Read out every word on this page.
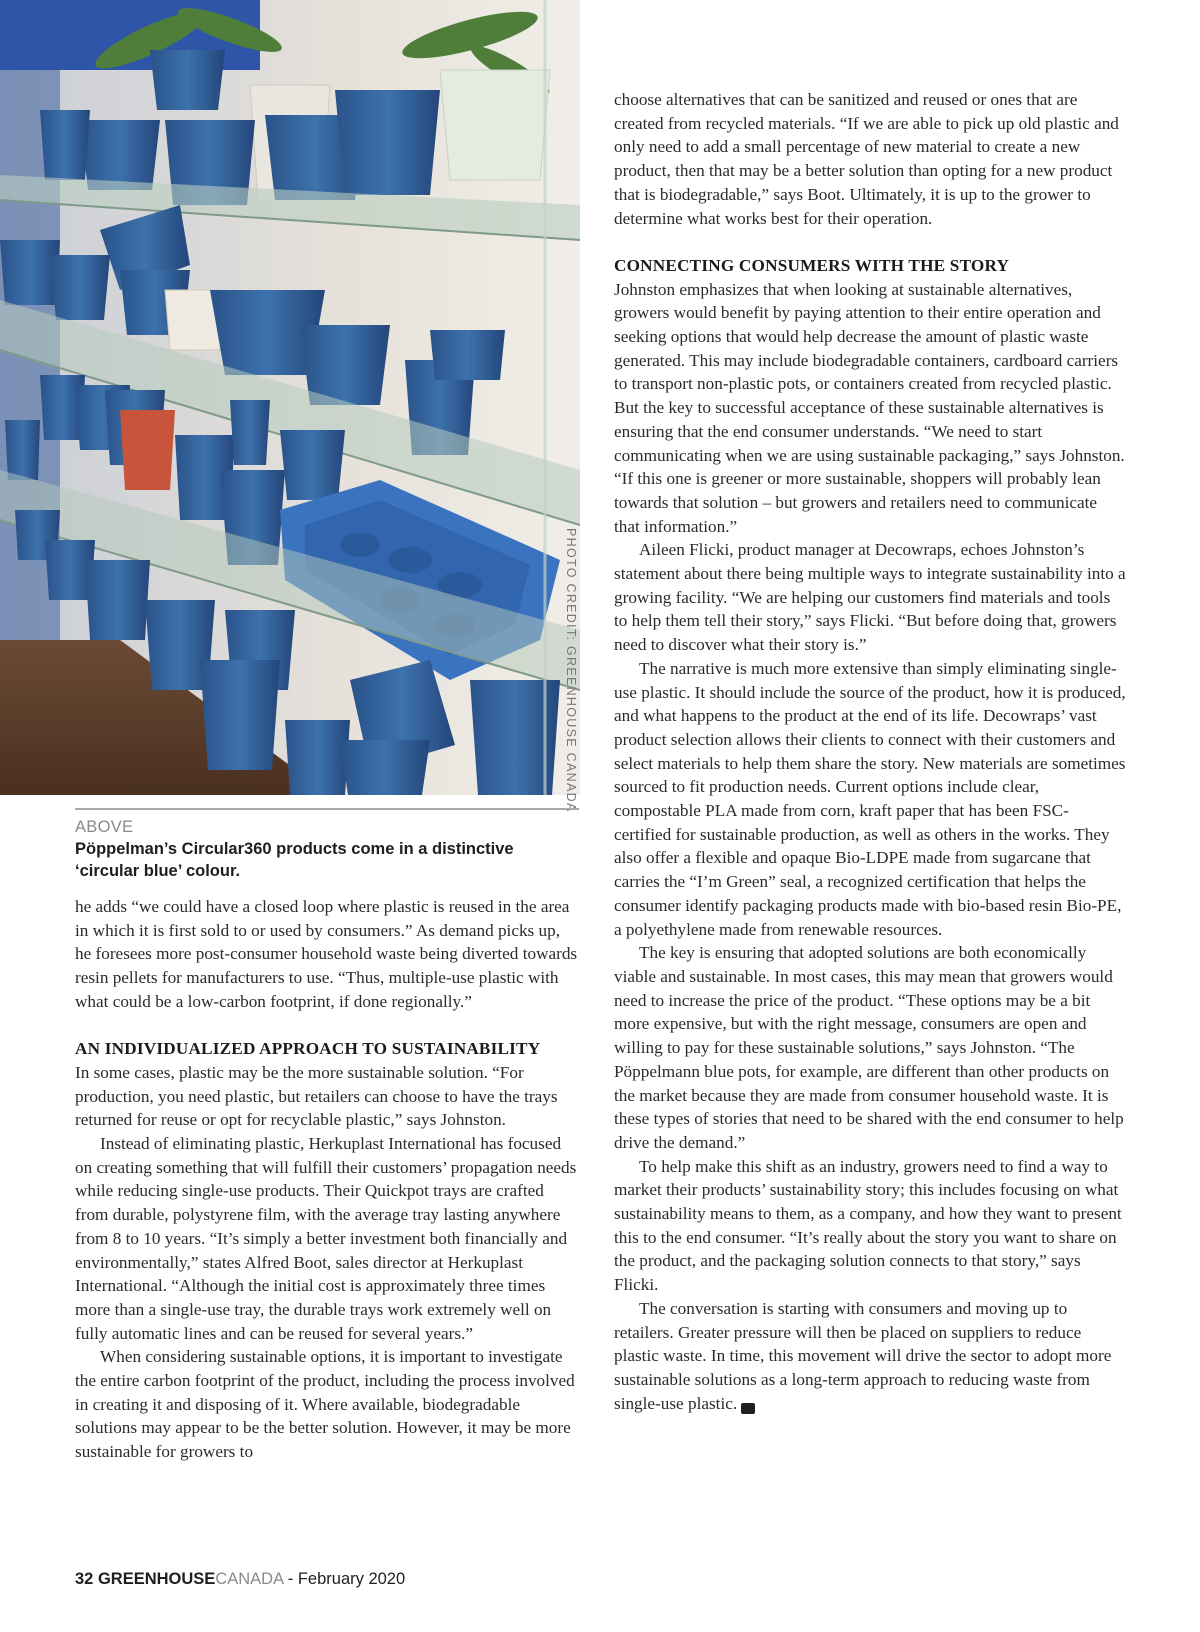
PHOTO CREDIT: GREENHOUSE CANADA
ABOVE
Pöppelman’s Circular360 products come in a distinctive ‘circular blue’ colour.

he adds “we could have a closed loop where plastic is reused in the area in which it is first sold to or used by consumers.” As demand picks up, he foresees more post-consumer household waste being diverted towards resin pellets for manufacturers to use. “Thus, multiple-use plastic with what could be a low-carbon footprint, if done regionally.”

AN INDIVIDUALIZED APPROACH TO SUSTAINABILITY

In some cases, plastic may be the more sustainable solution. “For production, you need plastic, but retailers can choose to have the trays returned for reuse or opt for recyclable plastic,” says Johnston.

Instead of eliminating plastic, Herkuplast International has focused on creating something that will fulfill their customers’ propagation needs while reducing single-use products. Their Quickpot trays are crafted from durable, polystyrene film, with the average tray lasting anywhere from 8 to 10 years. “It’s simply a better investment both financially and environmentally,” states Alfred Boot, sales director at Herkuplast International. “Although the initial cost is approximately three times more than a single-use tray, the durable trays work extremely well on fully automatic lines and can be reused for several years.”

When considering sustainable options, it is important to investigate the entire carbon footprint of the product, including the process involved in creating it and disposing of it. Where available, biodegradable solutions may appear to be the better solution. However, it may be more sustainable for growers to

choose alternatives that can be sanitized and reused or ones that are created from recycled materials. “If we are able to pick up old plastic and only need to add a small percentage of new material to create a new product, then that may be a better solution than opting for a new product that is biodegradable,” says Boot. Ultimately, it is up to the grower to determine what works best for their operation.

CONNECTING CONSUMERS WITH THE STORY

Johnston emphasizes that when looking at sustainable alternatives, growers would benefit by paying attention to their entire operation and seeking options that would help decrease the amount of plastic waste generated. This may include biodegradable containers, cardboard carriers to transport non-plastic pots, or containers created from recycled plastic. But the key to successful acceptance of these sustainable alternatives is ensuring that the end consumer understands. “We need to start communicating when we are using sustainable packaging,” says Johnston. “If this one is greener or more sustainable, shoppers will probably lean towards that solution – but growers and retailers need to communicate that information.”

Aileen Flicki, product manager at Decowraps, echoes Johnston’s statement about there being multiple ways to integrate sustainability into a growing facility. “We are helping our customers find materials and tools to help them tell their story,” says Flicki. “But before doing that, growers need to discover what their story is.”

The narrative is much more extensive than simply eliminating single-use plastic. It should include the source of the product, how it is produced, and what happens to the product at the end of its life. Decowraps’ vast product selection allows their clients to connect with their customers and select materials to help them share the story. New materials are sometimes sourced to fit production needs. Current options include clear, compostable PLA made from corn, kraft paper that has been FSC-certified for sustainable production, as well as others in the works. They also offer a flexible and opaque Bio-LDPE made from sugarcane that carries the “I’m Green” seal, a recognized certification that helps the consumer identify packaging products made with bio-based resin Bio-PE, a polyethylene made from renewable resources.

The key is ensuring that adopted solutions are both economically viable and sustainable. In most cases, this may mean that growers would need to increase the price of the product. “These options may be a bit more expensive, but with the right message, consumers are open and willing to pay for these sustainable solutions,” says Johnston. “The Pöppelmann blue pots, for example, are different than other products on the market because they are made from consumer household waste. It is these types of stories that need to be shared with the end consumer to help drive the demand.”

To help make this shift as an industry, growers need to find a way to market their products’ sustainability story; this includes focusing on what sustainability means to them, as a company, and how they want to present this to the end consumer. “It’s really about the story you want to share on the product, and the packaging solution connects to that story,” says Flicki.

The conversation is starting with consumers and moving up to retailers. Greater pressure will then be placed on suppliers to reduce plastic waste. In time, this movement will drive the sector to adopt more sustainable solutions as a long-term approach to reducing waste from single-use plastic.	GC

32 GREENHOUSECANADA - February 2020
